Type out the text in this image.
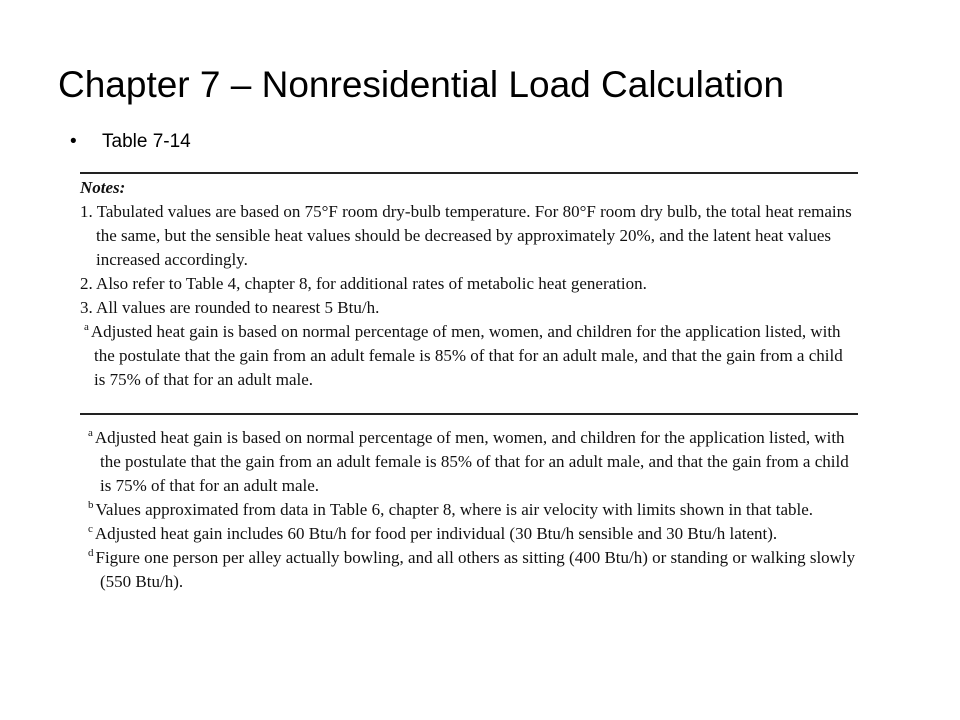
Chapter 7 – Nonresidential Load Calculation
• Table 7-14
Notes:
1. Tabulated values are based on 75°F room dry-bulb temperature. For 80°F room dry bulb, the total heat remains the same, but the sensible heat values should be decreased by approximately 20%, and the latent heat values increased accordingly.
2. Also refer to Table 4, chapter 8, for additional rates of metabolic heat generation.
3. All values are rounded to nearest 5 Btu/h.
$^a$ Adjusted heat gain is based on normal percentage of men, women, and children for the application listed, with the postulate that the gain from an adult female is 85% of that for an adult male, and that the gain from a child is 75% of that for an adult male.
$^a$ Adjusted heat gain is based on normal percentage of men, women, and children for the application listed, with the postulate that the gain from an adult female is 85% of that for an adult male, and that the gain from a child is 75% of that for an adult male.
$^b$ Values approximated from data in Table 6, chapter 8, where is air velocity with limits shown in that table.
$^c$ Adjusted heat gain includes 60 Btu/h for food per individual (30 Btu/h sensible and 30 Btu/h latent).
$^d$ Figure one person per alley actually bowling, and all others as sitting (400 Btu/h) or standing or walking slowly (550 Btu/h).
